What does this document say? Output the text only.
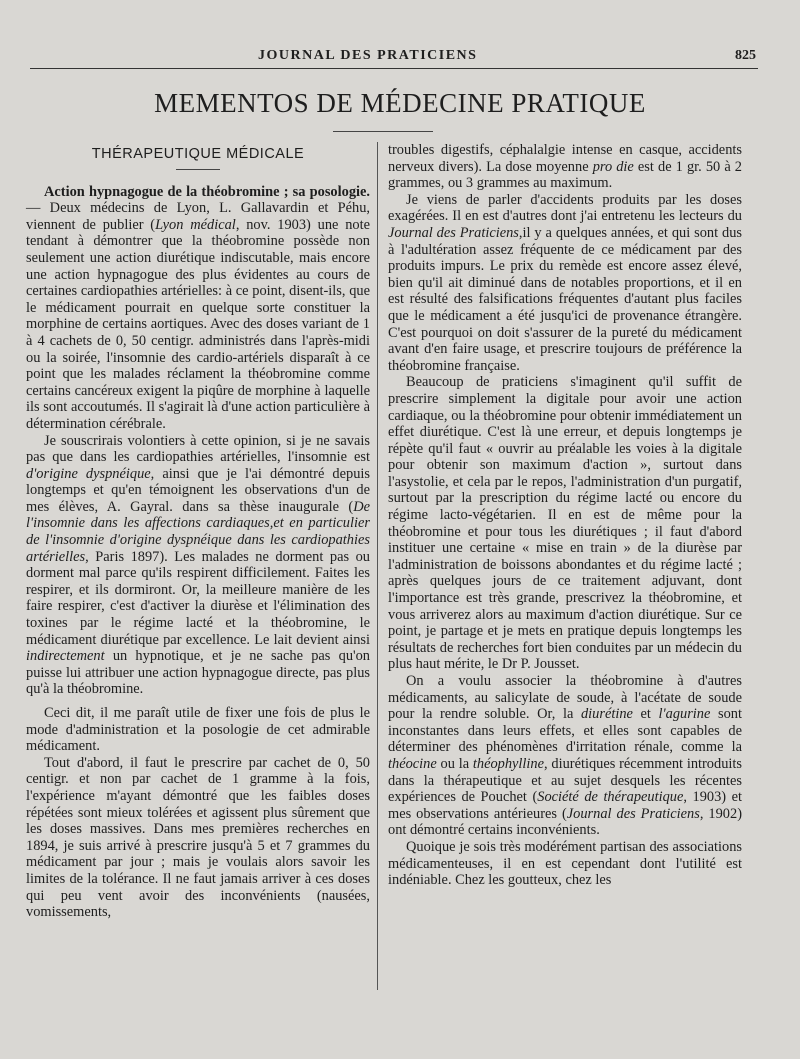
JOURNAL DES PRATICIENS	825
MEMENTOS DE MÉDECINE PRATIQUE
THÉRAPEUTIQUE MÉDICALE

Action hypnagogue de la théobromine ; sa posologie. — Deux médecins de Lyon, L. Gallavardin et Péhu, viennent de publier (Lyon médical, nov. 1903) une note tendant à démontrer que la théobromine possède non seulement une action diurétique indiscutable, mais encore une action hypnagogue des plus évidentes au cours de certaines cardiopathies artérielles: à ce point, disent-ils, que le médicament pourrait en quelque sorte constituer la morphine de certains aortiques. Avec des doses variant de 1 à 4 cachets de 0, 50 centigr. administrés dans l'après-midi ou la soirée, l'insomnie des cardio-artériels disparaît à ce point que les malades réclament la théobromine comme certains cancéreux exigent la piqûre de morphine à laquelle ils sont accoutumés. Il s'agirait là d'une action particulière à détermination cérébrale.

Je souscrirais volontiers à cette opinion, si je ne savais pas que dans les cardiopathies artérielles, l'insomnie est d'origine dyspnéique, ainsi que je l'ai démontré depuis longtemps et qu'en témoignent les observations d'un de mes élèves, A. Gayral. dans sa thèse inaugurale (De l'insomnie dans les affections cardiaques,et en particulier de l'insomnie d'origine dyspnéique dans les cardiopathies artérielles, Paris 1897). Les malades ne dorment pas ou dorment mal parce qu'ils respirent difficilement. Faites les respirer, et ils dormiront. Or, la meilleure manière de les faire respirer, c'est d'activer la diurèse et l'élimination des toxines par le régime lacté et la théobromine, le médicament diurétique par excellence. Le lait devient ainsi indirectement un hypnotique, et je ne sache pas qu'on puisse lui attribuer une action hypnagogue directe, pas plus qu'à la théobromine.

Ceci dit, il me paraît utile de fixer une fois de plus le mode d'administration et la posologie de cet admirable médicament.

Tout d'abord, il faut le prescrire par cachet de 0, 50 centigr. et non par cachet de 1 gramme à la fois, l'expérience m'ayant démontré que les faibles doses répétées sont mieux tolérées et agissent plus sûrement que les doses massives. Dans mes premières recherches en 1894, je suis arrivé à prescrire jusqu'à 5 et 7 grammes du médicament par jour ; mais je voulais alors savoir les limites de la tolérance. Il ne faut jamais arriver à ces doses qui peu vent avoir des inconvénients (nausées, vomissements,

troubles digestifs, céphalalgie intense en casque, accidents nerveux divers). La dose moyenne pro die est de 1 gr. 50 à 2 grammes, ou 3 grammes au maximum.

Je viens de parler d'accidents produits par les doses exagérées. Il en est d'autres dont j'ai entretenu les lecteurs du Journal des Praticiens,il y a quelques années, et qui sont dus à l'adultération assez fréquente de ce médicament par des produits impurs. Le prix du remède est encore assez élevé, bien qu'il ait diminué dans de notables proportions, et il en est résulté des falsifications fréquentes d'autant plus faciles que le médicament a été jusqu'ici de provenance étrangère. C'est pourquoi on doit s'assurer de la pureté du médicament avant d'en faire usage, et prescrire toujours de préférence la théobromine française.

Beaucoup de praticiens s'imaginent qu'il suffit de prescrire simplement la digitale pour avoir une action cardiaque, ou la théobromine pour obtenir immédiatement un effet diurétique. C'est là une erreur, et depuis longtemps je répète qu'il faut « ouvrir au préalable les voies à la digitale pour obtenir son maximum d'action », surtout dans l'asystolie, et cela par le repos, l'administration d'un purgatif, surtout par la prescription du régime lacté ou encore du régime lacto-végétarien. Il en est de même pour la théobromine et pour tous les diurétiques ; il faut d'abord instituer une certaine « mise en train » de la diurèse par l'administration de boissons abondantes et du régime lacté ; après quelques jours de ce traitement adjuvant, dont l'importance est très grande, prescrivez la théobromine, et vous arriverez alors au maximum d'action diurétique. Sur ce point, je partage et je mets en pratique depuis longtemps les résultats de recherches fort bien conduites par un médecin du plus haut mérite, le Dr P. Jousset.

On a voulu associer la théobromine à d'autres médicaments, au salicylate de soude, à l'acétate de soude pour la rendre soluble. Or, la diurétine et l'agurine sont inconstantes dans leurs effets, et elles sont capables de déterminer des phénomènes d'irritation rénale, comme la théocine ou la théophylline, diurétiques récemment introduits dans la thérapeutique et au sujet desquels les récentes expériences de Pouchet (Société de thérapeutique, 1903) et mes observations antérieures (Journal des Praticiens, 1902) ont démontré certains inconvénients.

Quoique je sois très modérément partisan des associations médicamenteuses, il en est cependant dont l'utilité est indéniable. Chez les goutteux, chez les
